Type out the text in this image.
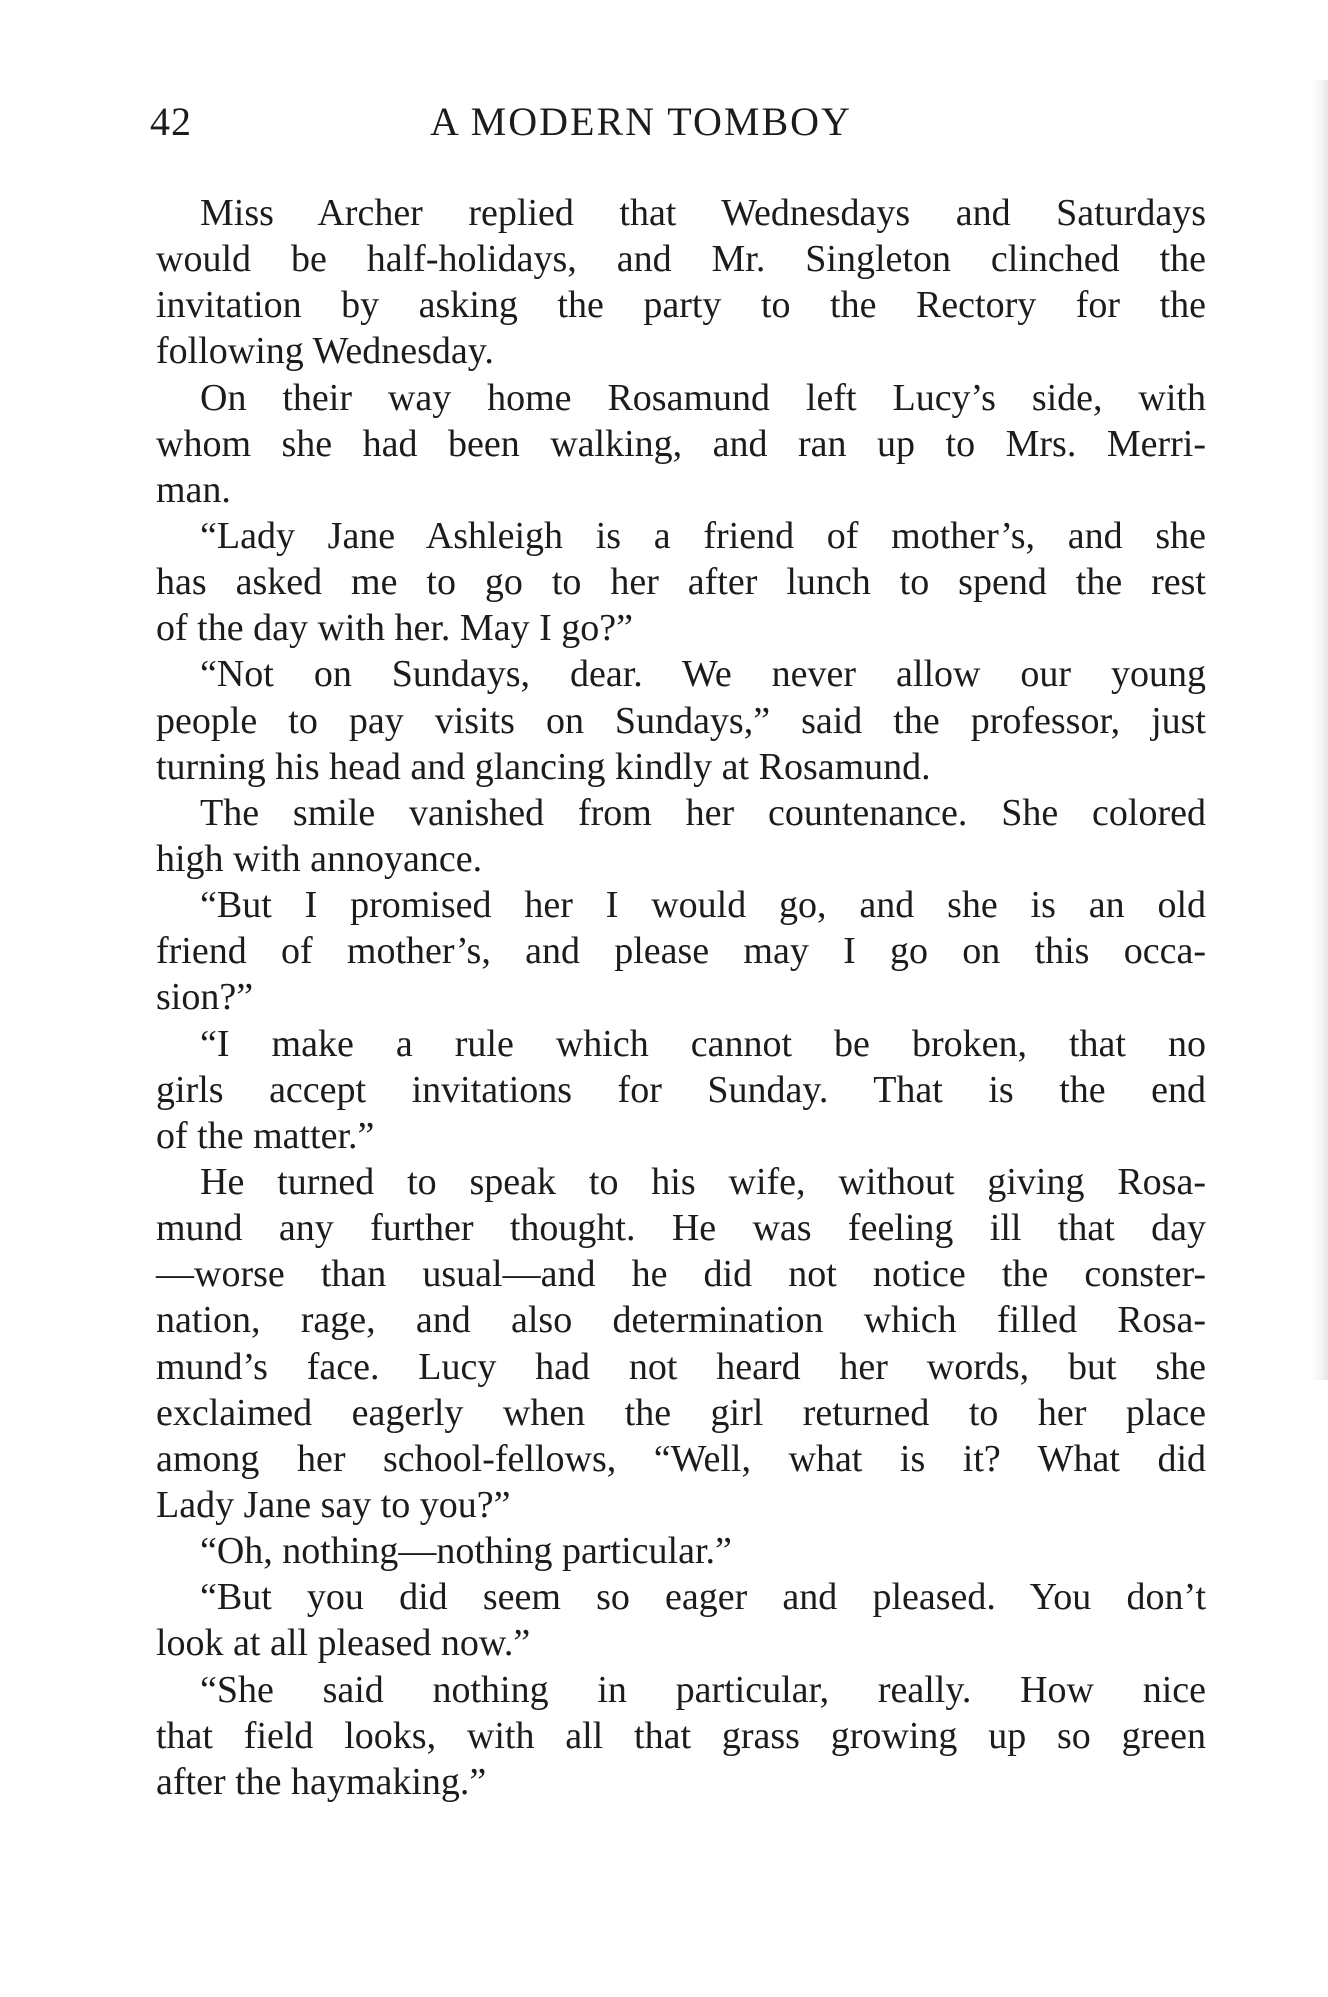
42	A MODERN TOMBOY
Miss Archer replied that Wednesdays and Saturdays
would be half-holidays, and Mr. Singleton clinched the
invitation by asking the party to the Rectory for the
following Wednesday.
On their way home Rosamund left Lucy’s side, with
whom she had been walking, and ran up to Mrs. Merri-
man.
“Lady Jane Ashleigh is a friend of mother’s, and she
has asked me to go to her after lunch to spend the rest
of the day with her. May I go?”
“Not on Sundays, dear. We never allow our young
people to pay visits on Sundays,” said the professor, just
turning his head and glancing kindly at Rosamund.
The smile vanished from her countenance. She colored
high with annoyance.
“But I promised her I would go, and she is an old
friend of mother’s, and please may I go on this occa-
sion?”
“I make a rule which cannot be broken, that no
girls accept invitations for Sunday. That is the end
of the matter.”
He turned to speak to his wife, without giving Rosa-
mund any further thought. He was feeling ill that day
—worse than usual—and he did not notice the conster-
nation, rage, and also determination which filled Rosa-
mund’s face. Lucy had not heard her words, but she
exclaimed eagerly when the girl returned to her place
among her school-fellows, “Well, what is it? What did
Lady Jane say to you?”
“Oh, nothing—nothing particular.”
“But you did seem so eager and pleased. You don’t
look at all pleased now.”
“She said nothing in particular, really. How nice
that field looks, with all that grass growing up so green
after the haymaking.”
